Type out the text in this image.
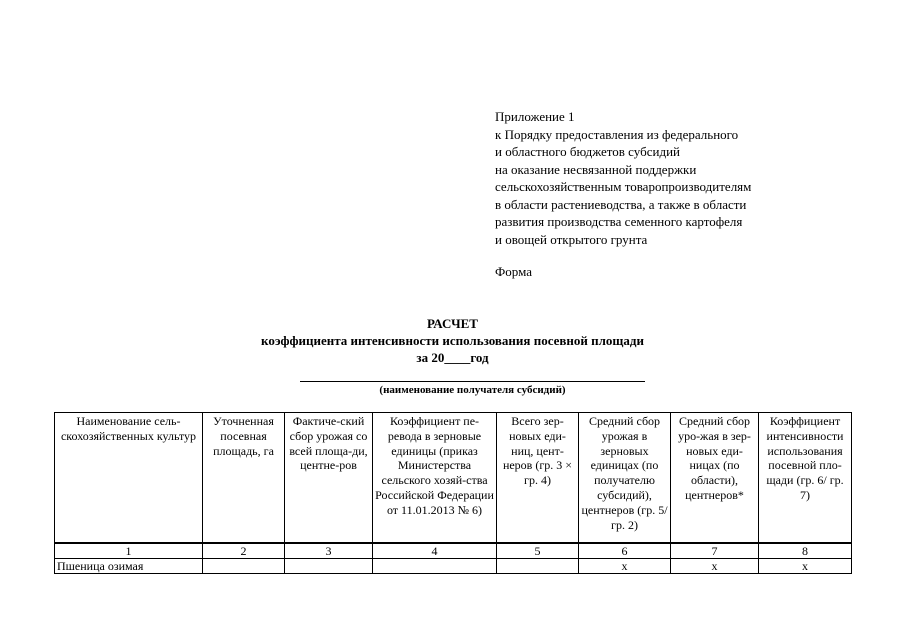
Приложение 1
к Порядку предоставления из федерального
и областного бюджетов субсидий
на оказание несвязанной поддержки
сельскохозяйственным товаропроизводителям
в области растениеводства, а также в области
развития производства семенного картофеля
и овощей открытого грунта
Форма
РАСЧЕТ
коэффициента интенсивности использования посевной площади
за 20____год
(наименование получателя субсидий)
Наименование сель-скохозяйственных культур	Уточненная посевная площадь, га	Фактиче-ский сбор урожая со всей площа-ди, центне-ров	Коэффициент пе-ревода в зерновые единицы (приказ Министерства сельского хозяй-ства Российской Федерации от 11.01.2013 № 6)	Всего зер-новых еди-ниц, цент-неров (гр. 3 × гр. 4)	Средний сбор урожая в зерновых единицах (по получателю субсидий), центнеров (гр. 5/ гр. 2)	Средний сбор уро-жая в зер-новых еди-ницах (по области), центнеров*	Коэффициент интенсивности использования посевной пло-щади (гр. 6/ гр. 7)
1	2	3	4	5	6	7	8
Пшеница озимая					х	х	х
